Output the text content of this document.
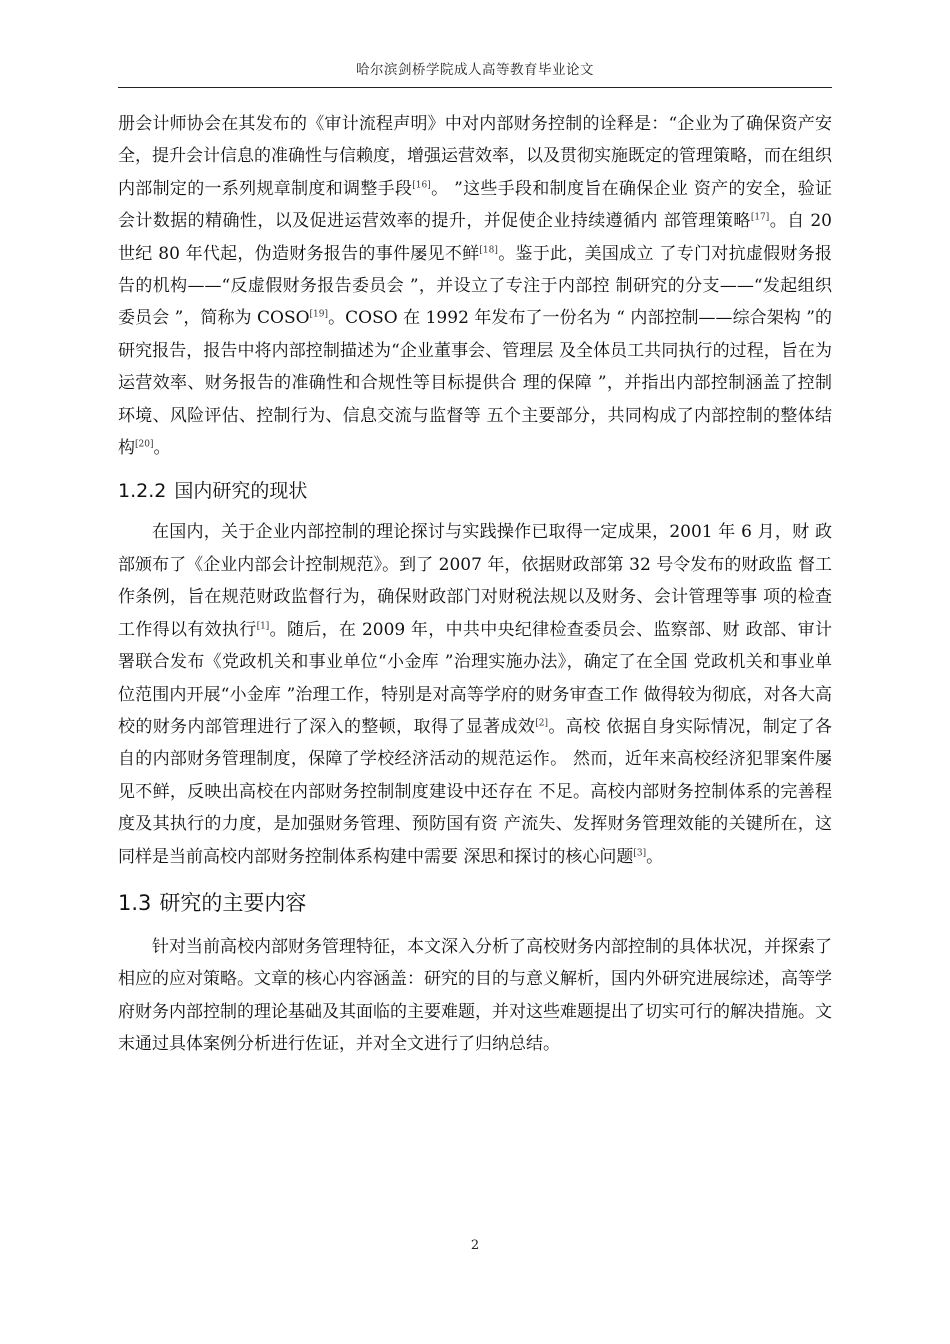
哈尔滨剑桥学院成人高等教育毕业论文

册会计师协会在其发布的《审计流程声明》中对内部财务控制的诠释是：“企业为了确保资产安全，提升会计信息的准确性与信赖度，增强运营效率，以及贯彻实施既定的管理策略，而在组织内部制定的一系列规章制度和调整手段[16]。 ”这些手段和制度旨在确保企业 资产的安全，验证会计数据的精确性，以及促进运营效率的提升，并促使企业持续遵循内 部管理策略[17]。自 20 世纪 80 年代起，伪造财务报告的事件屡见不鲜[18]。鉴于此，美国成立 了专门对抗虚假财务报告的机构——“反虚假财务报告委员会 ”，并设立了专注于内部控 制研究的分支——“发起组织委员会 ”，简称为 COSO[19]。COSO 在 1992 年发布了一份名为 “ 内部控制——综合架构 ”的研究报告，报告中将内部控制描述为“企业董事会、管理层 及全体员工共同执行的过程，旨在为运营效率、财务报告的准确性和合规性等目标提供合 理的保障 ”，并指出内部控制涵盖了控制环境、风险评估、控制行为、信息交流与监督等 五个主要部分，共同构成了内部控制的整体结构[20]。

1.2.2 国内研究的现状

在国内，关于企业内部控制的理论探讨与实践操作已取得一定成果，2001 年 6 月，财 政部颁布了《企业内部会计控制规范》。到了 2007 年，依据财政部第 32 号令发布的财政监 督工作条例，旨在规范财政监督行为，确保财政部门对财税法规以及财务、会计管理等事 项的检查工作得以有效执行[1]。随后，在 2009 年，中共中央纪律检查委员会、监察部、财 政部、审计署联合发布《党政机关和事业单位“小金库 ”治理实施办法》，确定了在全国 党政机关和事业单位范围内开展“小金库 ”治理工作，特别是对高等学府的财务审查工作 做得较为彻底，对各大高校的财务内部管理进行了深入的整顿，取得了显著成效[2]。高校 依据自身实际情况，制定了各自的内部财务管理制度，保障了学校经济活动的规范运作。 然而，近年来高校经济犯罪案件屡见不鲜，反映出高校在内部财务控制制度建设中还存在 不足。高校内部财务控制体系的完善程度及其执行的力度，是加强财务管理、预防国有资 产流失、发挥财务管理效能的关键所在，这同样是当前高校内部财务控制体系构建中需要 深思和探讨的核心问题[3]。

1.3 研究的主要内容

针对当前高校内部财务管理特征，本文深入分析了高校财务内部控制的具体状况，并探索了相应的应对策略。文章的核心内容涵盖：研究的目的与意义解析，国内外研究进展综述，高等学府财务内部控制的理论基础及其面临的主要难题，并对这些难题提出了切实可行的解决措施。文末通过具体案例分析进行佐证，并对全文进行了归纳总结。

2
